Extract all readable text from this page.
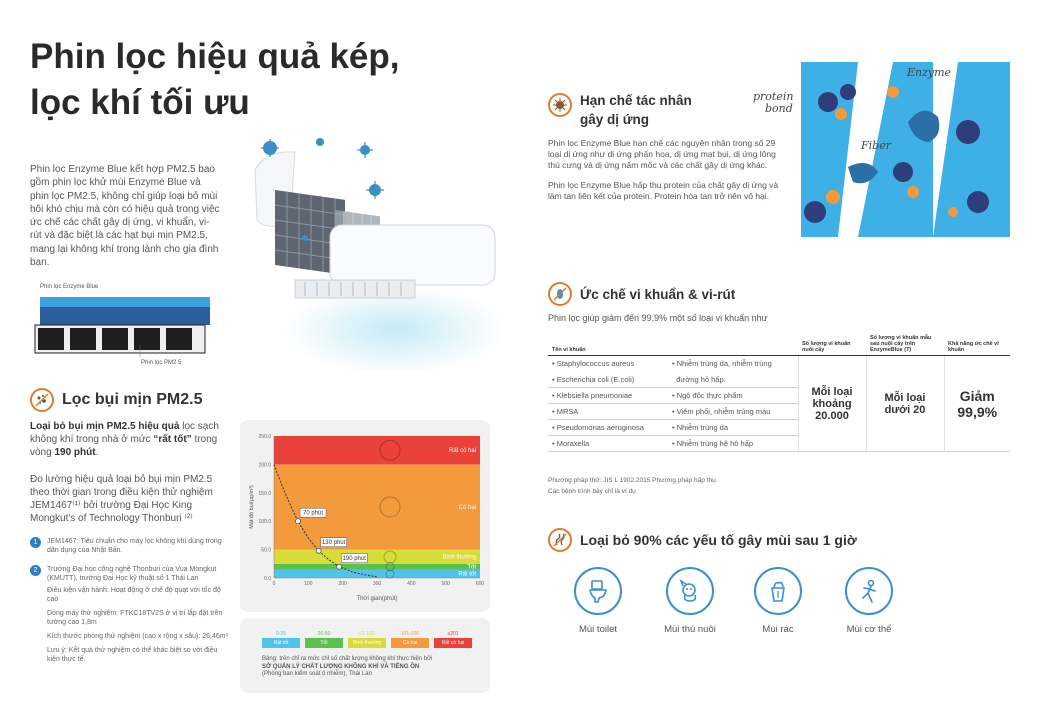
Phin lọc hiệu quả kép,
lọc khí tối ưu
Phin lọc Enzyme Blue kết hợp PM2.5 bao gồm phin lọc khử mùi Enzyme Blue và phin lọc PM2.5, không chỉ giúp loại bỏ mùi hôi khó chịu mà còn có hiệu quả trong việc ức chế các chất gây dị ứng, vi khuẩn, vi-rút và đặc biệt là các hạt bụi mịn PM2.5, mang lại không khí trong lành cho gia đình bạn.
Phin lọc Enzyme Blue
Phin lọc PM2.5
Lọc bụi mịn PM2.5
Loại bỏ bụi mịn PM2.5 hiệu quả lọc sạch không khí trong nhà ở mức “rất tốt” trong vòng 190 phút.
Đo lường hiệu quả loại bỏ bụi mịn PM2.5 theo thời gian trong điều kiện thử nghiệm JEM1467⁽¹⁾ bởi trường Đại Học King Mongkut's of Technology Thonburi ⁽²⁾
1	JEM1467: Tiêu chuẩn cho máy lọc không khí dùng trong dân dụng của Nhật Bản.
2	Trường Đại học công nghệ Thonburi của Vua Mongkut (KMUTT), trường Đại Học kỹ thuật số 1 Thái Lan
Điều kiện vận hành: Hoạt động ở chế độ quạt với tốc độ cao
Dòng máy thử nghiệm: FTKC18TV2S ở vị trí lắp đặt trên tường cao 1,8m
Kích thước phòng thử nghiệm (cao x rộng x sâu): 26,46m³
Lưu ý: Kết quả thử nghiệm có thể khác biệt so với điều kiện thực tế.
Rất tốt
Tốt
Bình thường
Có hại
Rất có hại
0.0
50.0
100.0
150.0
200.0
250.0
0	100	200	300	400	500	600
Thời gian(phút)
Mật độ bụi(μg/m³)	70 phút
130 phút
190 phút
0-25
Rất tốt
26-50
Tốt
51-100
Bình thường
101-200
Có hại
≥201
Rất có hại
Bảng: trên chỉ ra mức chỉ số chất lượng không khí thực hiện bởi
SỞ QUẢN LÝ CHẤT LƯỢNG KHÔNG KHÍ VÀ TIẾNG ỒN
(Phòng ban kiểm soát ô nhiễm), Thái Lan
Hạn chế tác nhân
gây dị ứng

Phin lọc Enzyme Blue hạn chế các nguyên nhân trong số 29 loại dị ứng như dị ứng phấn hoa, dị ứng mạt bụi, dị ứng lông thú cưng và dị ứng nấm mốc và các chất gây dị ứng khác.

Phin lọc Enzyme Blue hấp thu protein của chất gây dị ứng và làm tan liên kết của protein. Protein hòa tan trở nên vô hại.

protein
bond
Enzyme
Fiber
Ức chế vi khuẩn & vi-rút
Phin lọc giúp giảm đến 99,9% một số loại vi khuẩn như
Tên vi khuẩn		Số lượng vi khuẩn nuôi cấy	Số lượng vi khuẩn mẫu sau nuôi cấy trên EnzymeBlue (T)	Khả năng ức chế vi khuẩn
• Staphylococcus aureus	• Nhiễm trùng da, nhiễm trùng	Mỗi loại khoảng 20.000	Mỗi loại dưới 20	Giảm 99,9%
• Escherichia coli (E.coli)	đường hô hấp.			
• Klebsiella pneumoniae	• Ngộ độc thực phẩm			
• MRSA	• Viêm phổi, nhiễm trùng máu			
• Pseudomonas aeruginosa	• Nhiễm trùng da			
• Moraxella	• Nhiễm trùng hệ hô hấp			
Phương pháp thử: JIS L 1902:2015 Phương pháp hấp thụ.
Các bệnh trình bày chỉ là ví dụ
Loại bỏ 90% các yếu tố gây mùi sau 1 giờ
Mùi toilet	Mùi thú nuôi	Mùi rác	Mùi cơ thể
